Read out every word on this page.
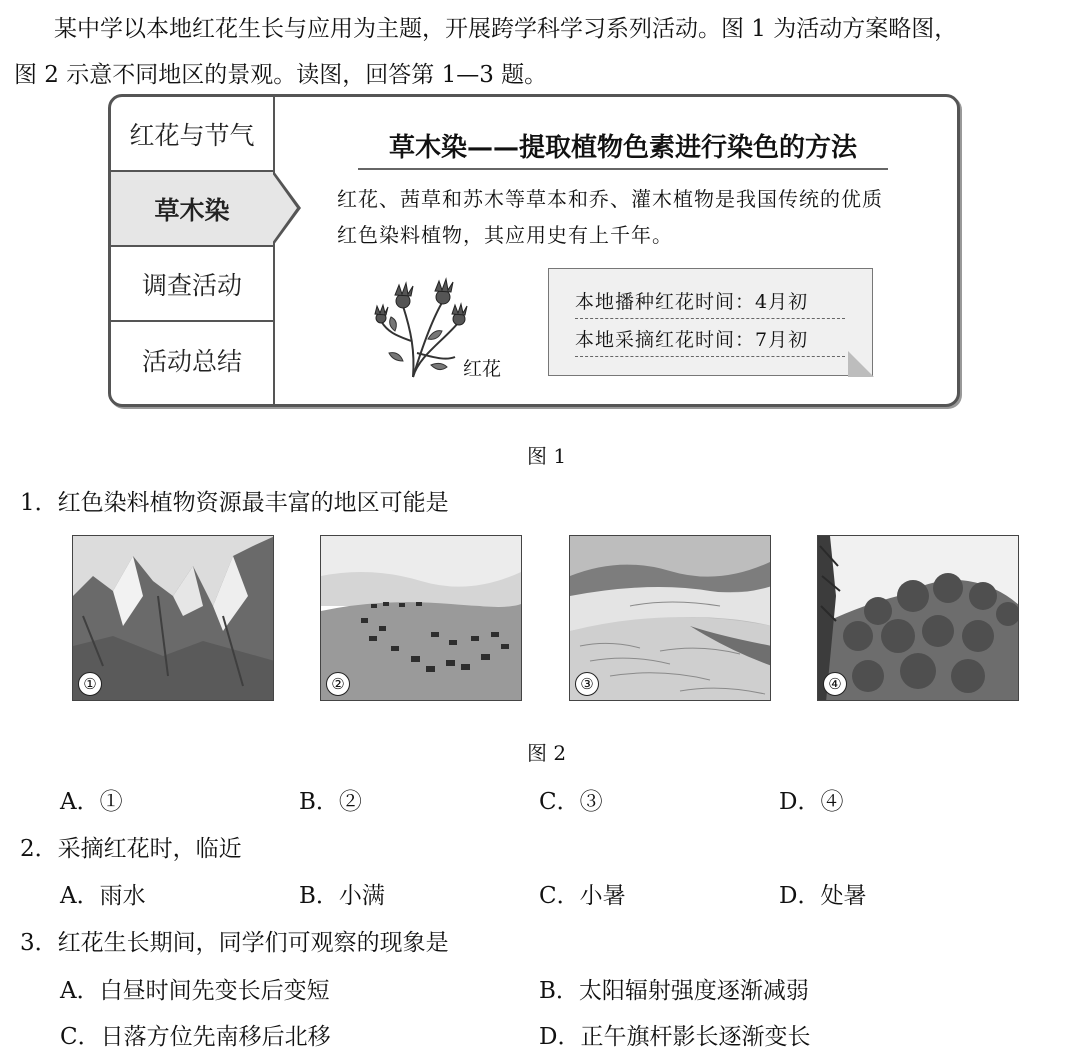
某中学以本地红花生长与应用为主题，开展跨学科学习系列活动。图 1 为活动方案略图，

图 2 示意不同地区的景观。读图，回答第 1—3 题。

红花与节气
草木染
调查活动
活动总结
草木染——提取植物色素进行染色的方法
红花、茜草和苏木等草本和乔、灌木植物是我国传统的优质
红色染料植物，其应用史有上千年。
红花
本地播种红花时间：4月初
本地采摘红花时间：7月初
图 1
1．红色染料植物资源最丰富的地区可能是
①	②	③	④
图 2
A．①	B．②	C．③	D．④
2．采摘红花时，临近
A．雨水	B．小满	C．小暑	D．处暑
3．红花生长期间，同学们可观察的现象是
A．白昼时间先变长后变短	B．太阳辐射强度逐渐减弱
C．日落方位先南移后北移	D．正午旗杆影长逐渐变长
